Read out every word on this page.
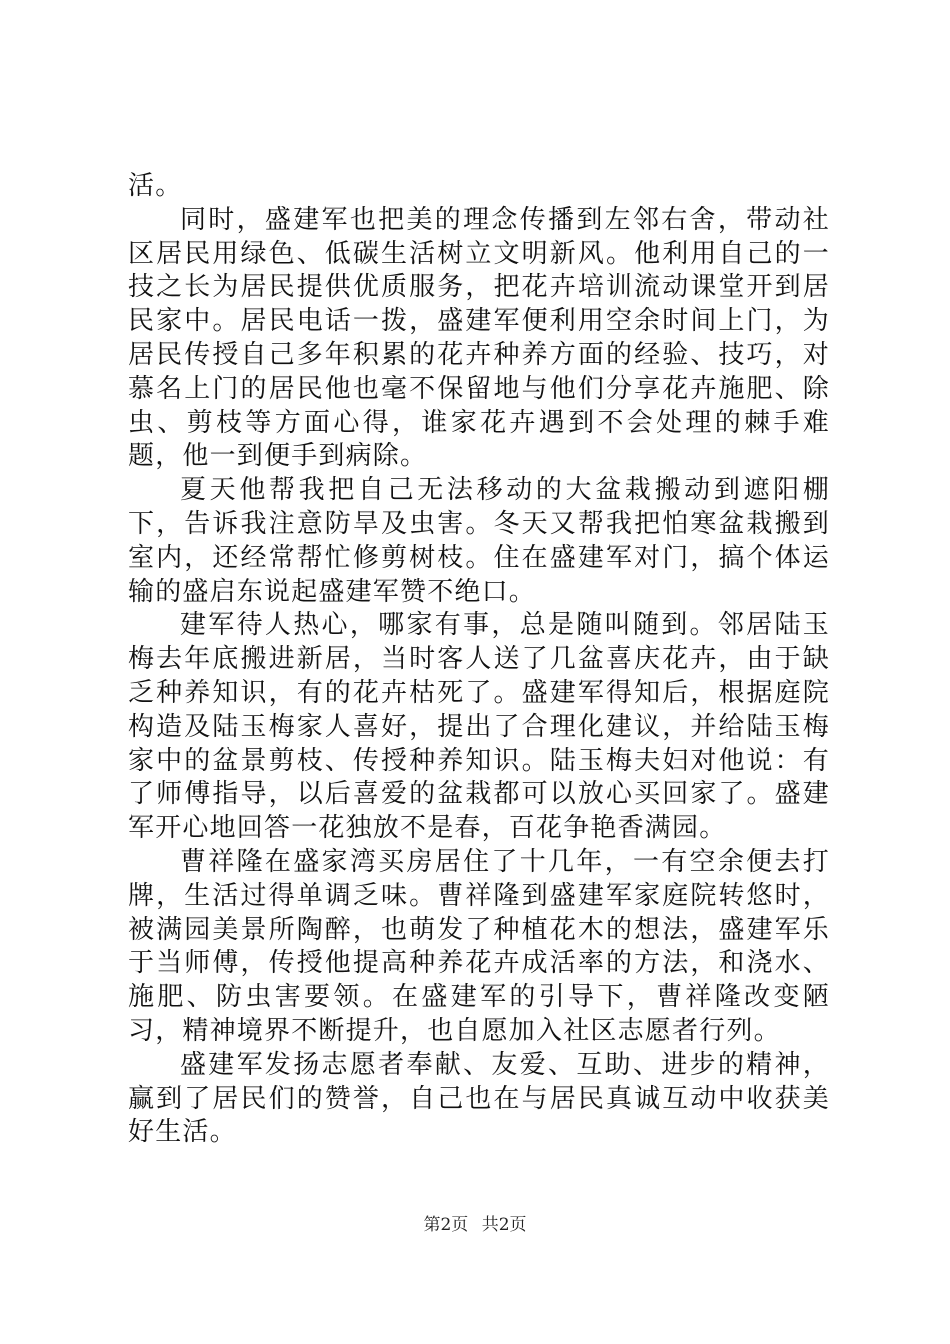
活。

同时，盛建军也把美的理念传播到左邻右舍，带动社区居民用绿色、低碳生活树立文明新风。他利用自己的一技之长为居民提供优质服务，把花卉培训流动课堂开到居民家中。居民电话一拨，盛建军便利用空余时间上门，为居民传授自己多年积累的花卉种养方面的经验、技巧，对慕名上门的居民他也毫不保留地与他们分享花卉施肥、除虫、剪枝等方面心得，谁家花卉遇到不会处理的棘手难题，他一到便手到病除。

夏天他帮我把自己无法移动的大盆栽搬动到遮阳棚下，告诉我注意防旱及虫害。冬天又帮我把怕寒盆栽搬到室内，还经常帮忙修剪树枝。住在盛建军对门，搞个体运输的盛启东说起盛建军赞不绝口。

建军待人热心，哪家有事，总是随叫随到。邻居陆玉梅去年底搬进新居，当时客人送了几盆喜庆花卉，由于缺乏种养知识，有的花卉枯死了。盛建军得知后，根据庭院构造及陆玉梅家人喜好，提出了合理化建议，并给陆玉梅家中的盆景剪枝、传授种养知识。陆玉梅夫妇对他说：有了师傅指导，以后喜爱的盆栽都可以放心买回家了。盛建军开心地回答一花独放不是春，百花争艳香满园。

曹祥隆在盛家湾买房居住了十几年，一有空余便去打牌，生活过得单调乏味。曹祥隆到盛建军家庭院转悠时，被满园美景所陶醉，也萌发了种植花木的想法，盛建军乐于当师傅，传授他提高种养花卉成活率的方法，和浇水、施肥、防虫害要领。在盛建军的引导下，曹祥隆改变陋习，精神境界不断提升，也自愿加入社区志愿者行列。

盛建军发扬志愿者奉献、友爱、互助、进步的精神，赢到了居民们的赞誉，自己也在与居民真诚互动中收获美好生活。

第2页 共2页
